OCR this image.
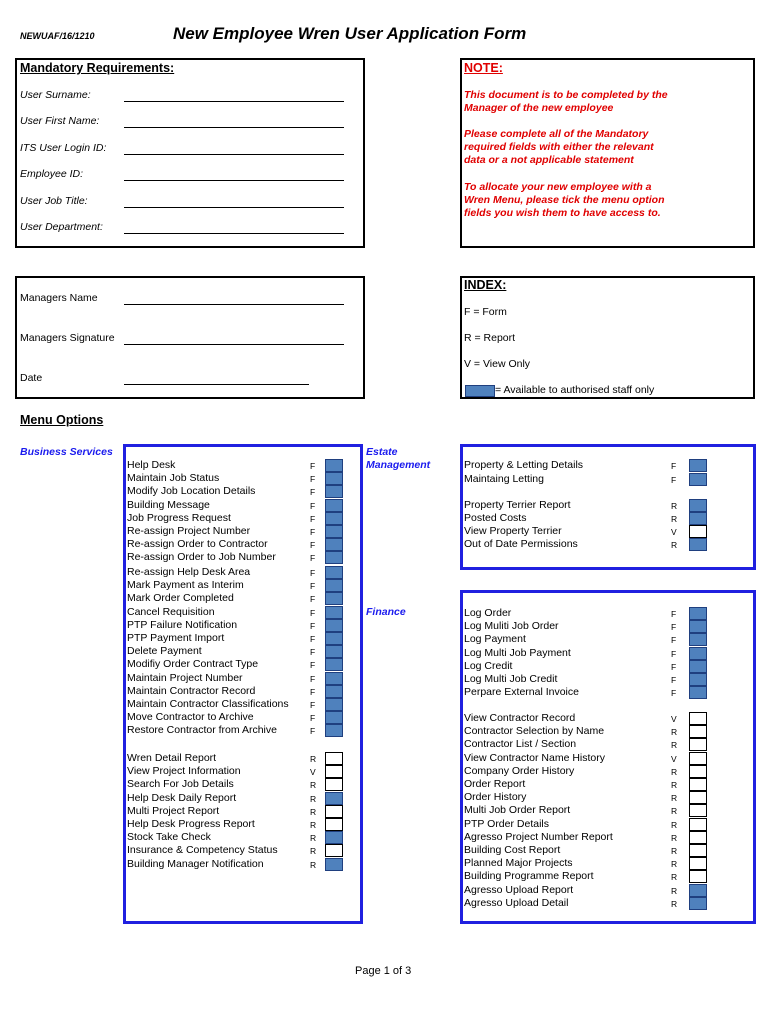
NEWUAF/16/1210	New Employee Wren User Application Form
Mandatory Requirements:
User Surname:
User First Name:
ITS User Login ID:
Employee ID:
User Job Title:
User Department:
NOTE:
This document is to be completed by the
Manager of the new employee
Please complete all of the Mandatory
required fields with either the relevant
data or a not applicable statement
To allocate your new employee with a
Wren Menu, please tick the menu option
fields you wish them to have access to.
Managers Name
Managers Signature
Date
INDEX:
F = Form
R = Report
V = View Only
= Available to authorised staff only
Menu Options
Business Services	Estate
Management
Finance
Help Desk	F
Maintain Job Status	F
Modify Job Location Details	F
Building Message	F
Job Progress Request	F
Re-assign Project Number	F
Re-assign Order to Contractor	F
Re-assign Order to Job Number	F
Re-assign Help Desk Area	F
Mark Payment as Interim	F
Mark Order Completed	F
Cancel Requisition	F
PTP Failure Notification	F
PTP Payment Import	F
Delete Payment	F
Modifiy Order Contract Type	F
Maintain Project Number	F
Maintain Contractor Record	F
Maintain Contractor Classifications	F
Move Contractor to Archive	F
Restore Contractor from Archive	F
Wren Detail Report	R
View Project Information	V
Search For Job Details	R
Help Desk Daily Report	R
Multi Project Report	R
Help Desk Progress Report	R
Stock Take Check	R
Insurance & Competency Status	R
Building Manager Notification	R
Property & Letting Details	F
Maintaing Letting	F
Property Terrier Report	R
Posted Costs	R
View Property Terrier	V
Out of Date Permissions	R
Log Order	F
Log Muliti Job Order	F
Log Payment	F
Log Multi Job Payment	F
Log Credit	F
Log Multi Job Credit	F
Perpare External Invoice	F
View Contractor Record	V
Contractor Selection by Name	R
Contractor List / Section	R
View Contractor Name History	V
Company Order History	R
Order Report	R
Order History	R
Multi Job Order Report	R
PTP Order Details	R
Agresso Project Number Report	R
Building Cost Report	R
Planned Major Projects	R
Building Programme Report	R
Agresso Upload Report	R
Agresso Upload Detail	R
Page 1 of 3
